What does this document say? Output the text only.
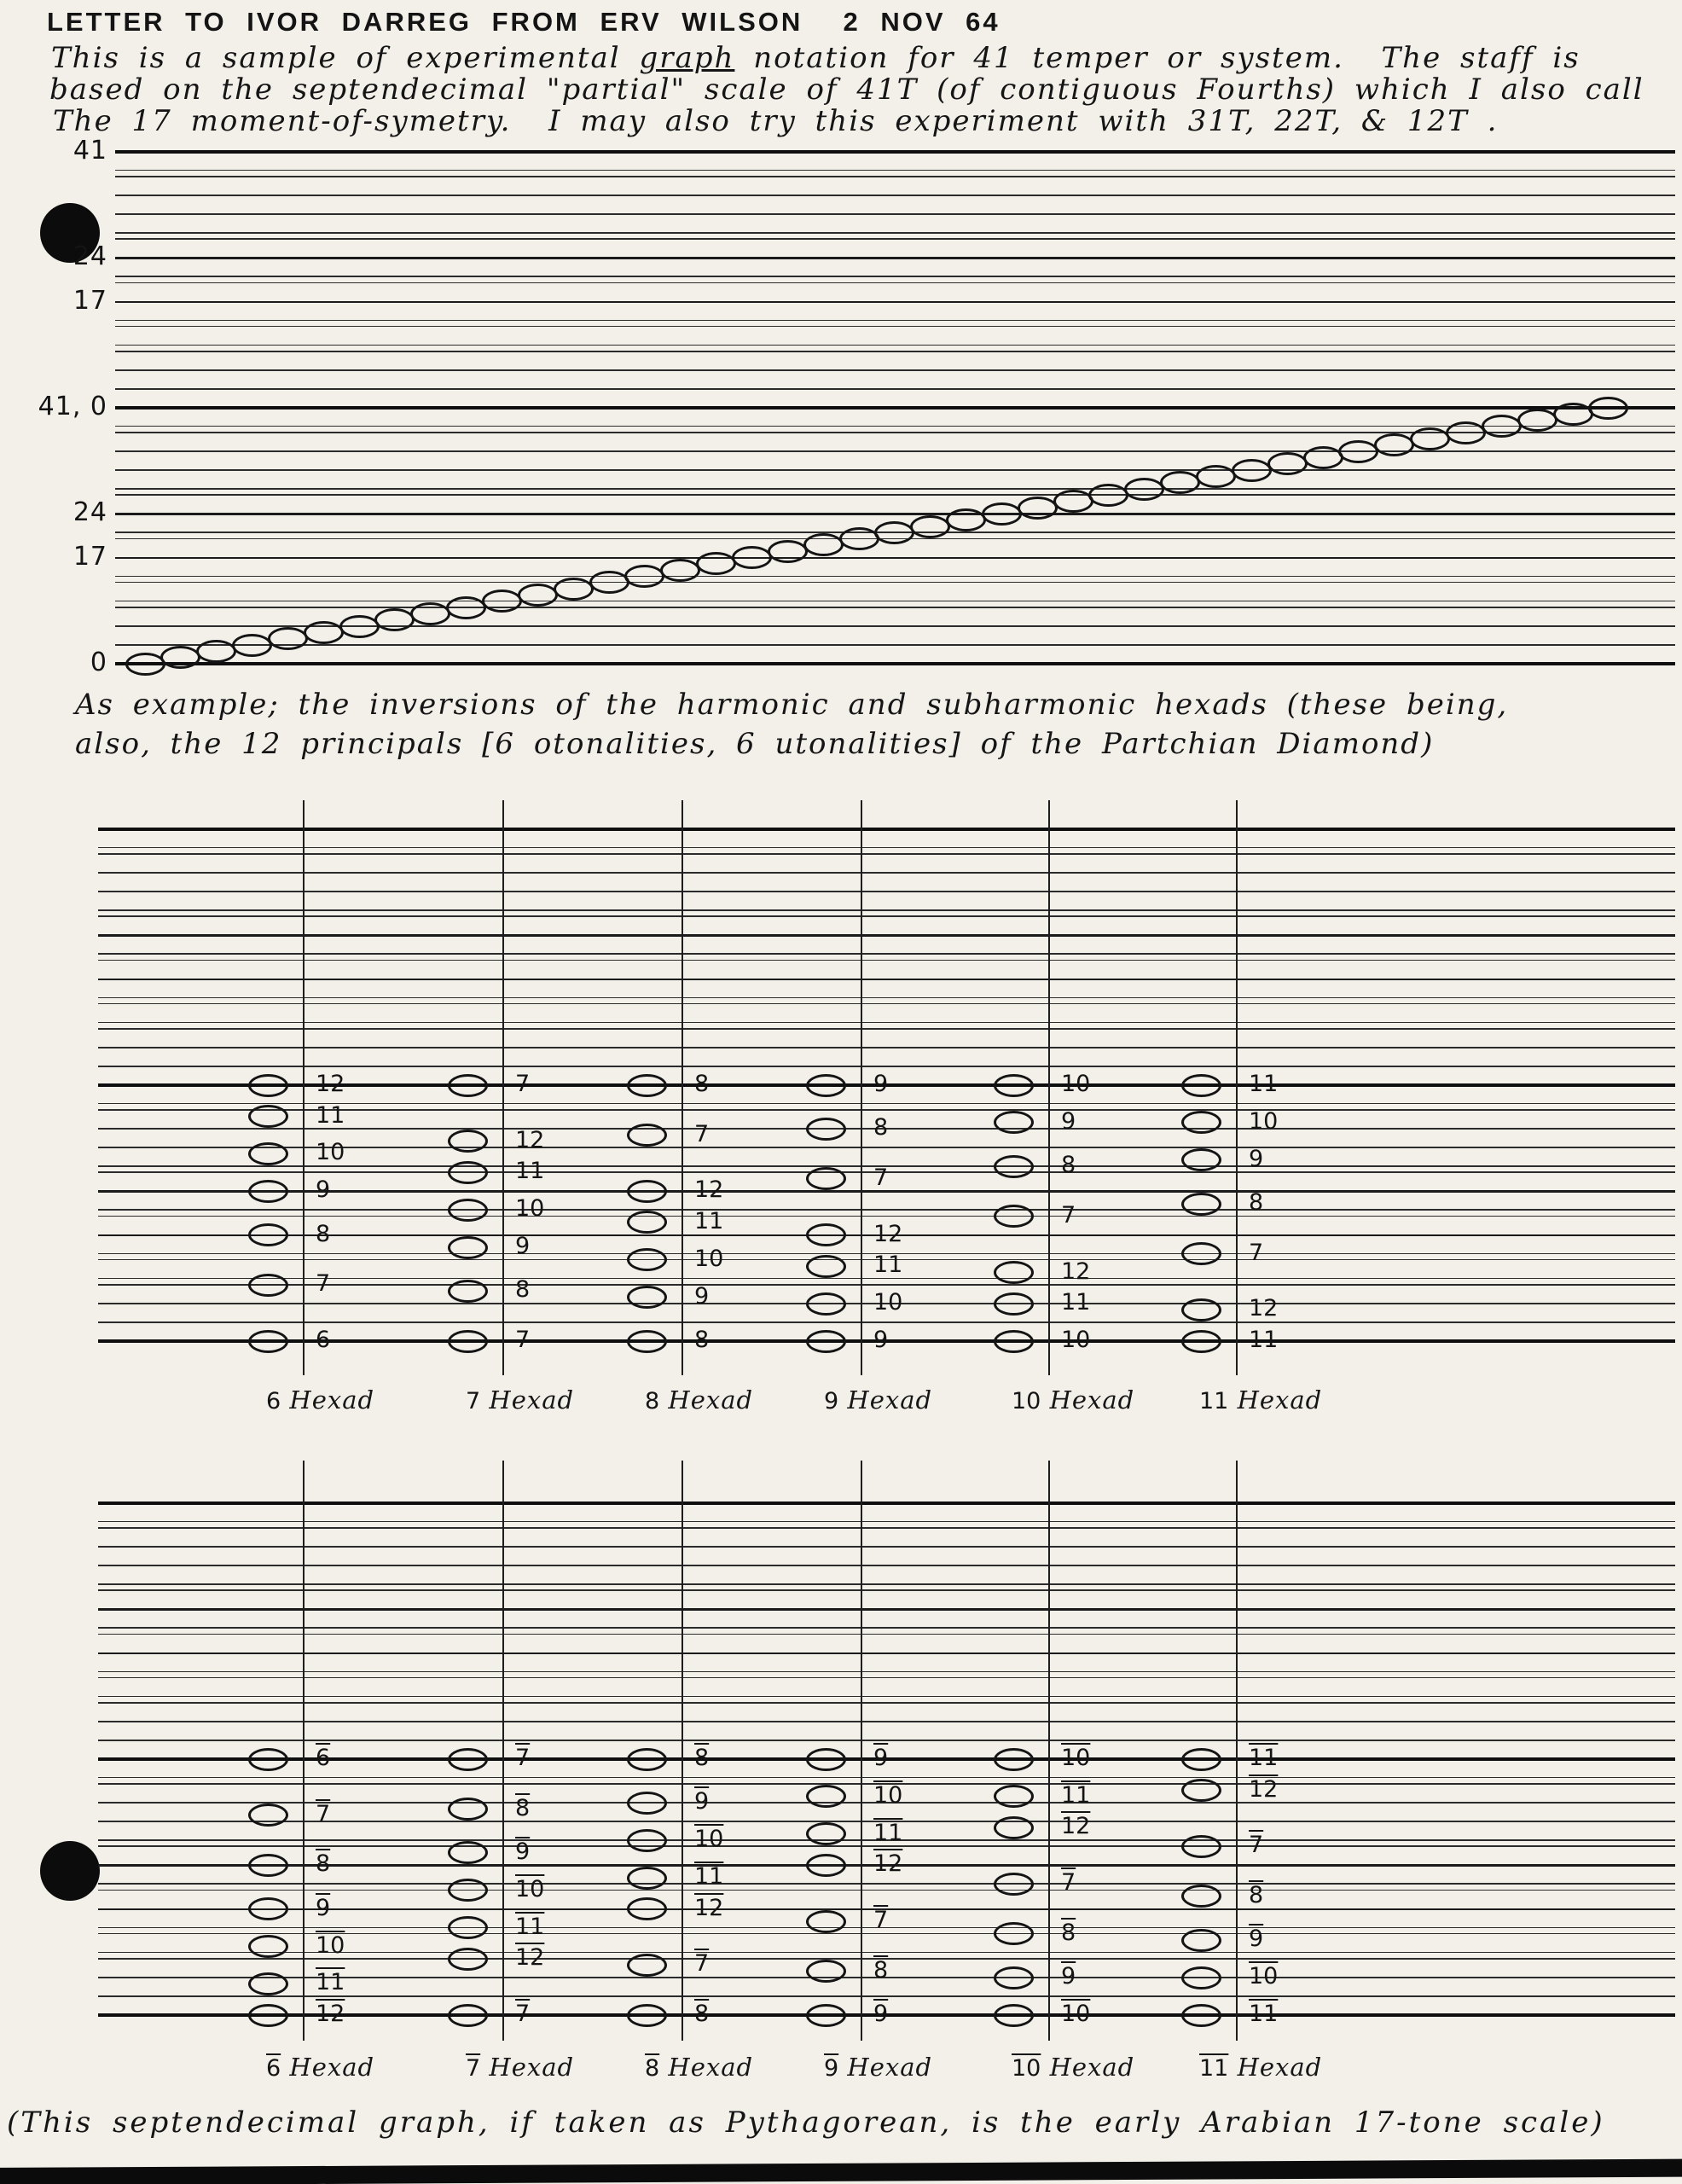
LETTER TO IVOR DARREG FROM ERV WILSON  2 NOV 64
This is a sample of experimental graph notation for 41 temper or system.  The staff is
based on the septendecimal "partial" scale of 41T (of contiguous Fourths) which I also call
The 17 moment-of-symetry.  I may also try this experiment with 31T, 22T, & 12T .
41
24
17
41, 0
24
17
0
6
7
8
9
10
11
12
6 Hexad
7
8
9
10
11
12
7
7 Hexad
8
9
10
11
12
7
8
8 Hexad
9
10
11
12
7
8
9
9 Hexad
10
11
12
7
8
9
10
10 Hexad
11
12
7
8
9
10
11
11 Hexad
6
7
8
9
10
11
12
6 Hexad
7
8
9
10
11
12
7
7 Hexad
8
9
10
11
12
7
8
8 Hexad
9
10
11
12
7
8
9
9 Hexad
10
11
12
7
8
9
10
10 Hexad
11
12
7
8
9
10
11
11 Hexad
As example; the inversions of the harmonic and subharmonic hexads (these being,
also, the 12 principals [6 otonalities, 6 utonalities] of the Partchian Diamond)
(This septendecimal graph, if taken as Pythagorean, is the early Arabian 17-tone scale)
